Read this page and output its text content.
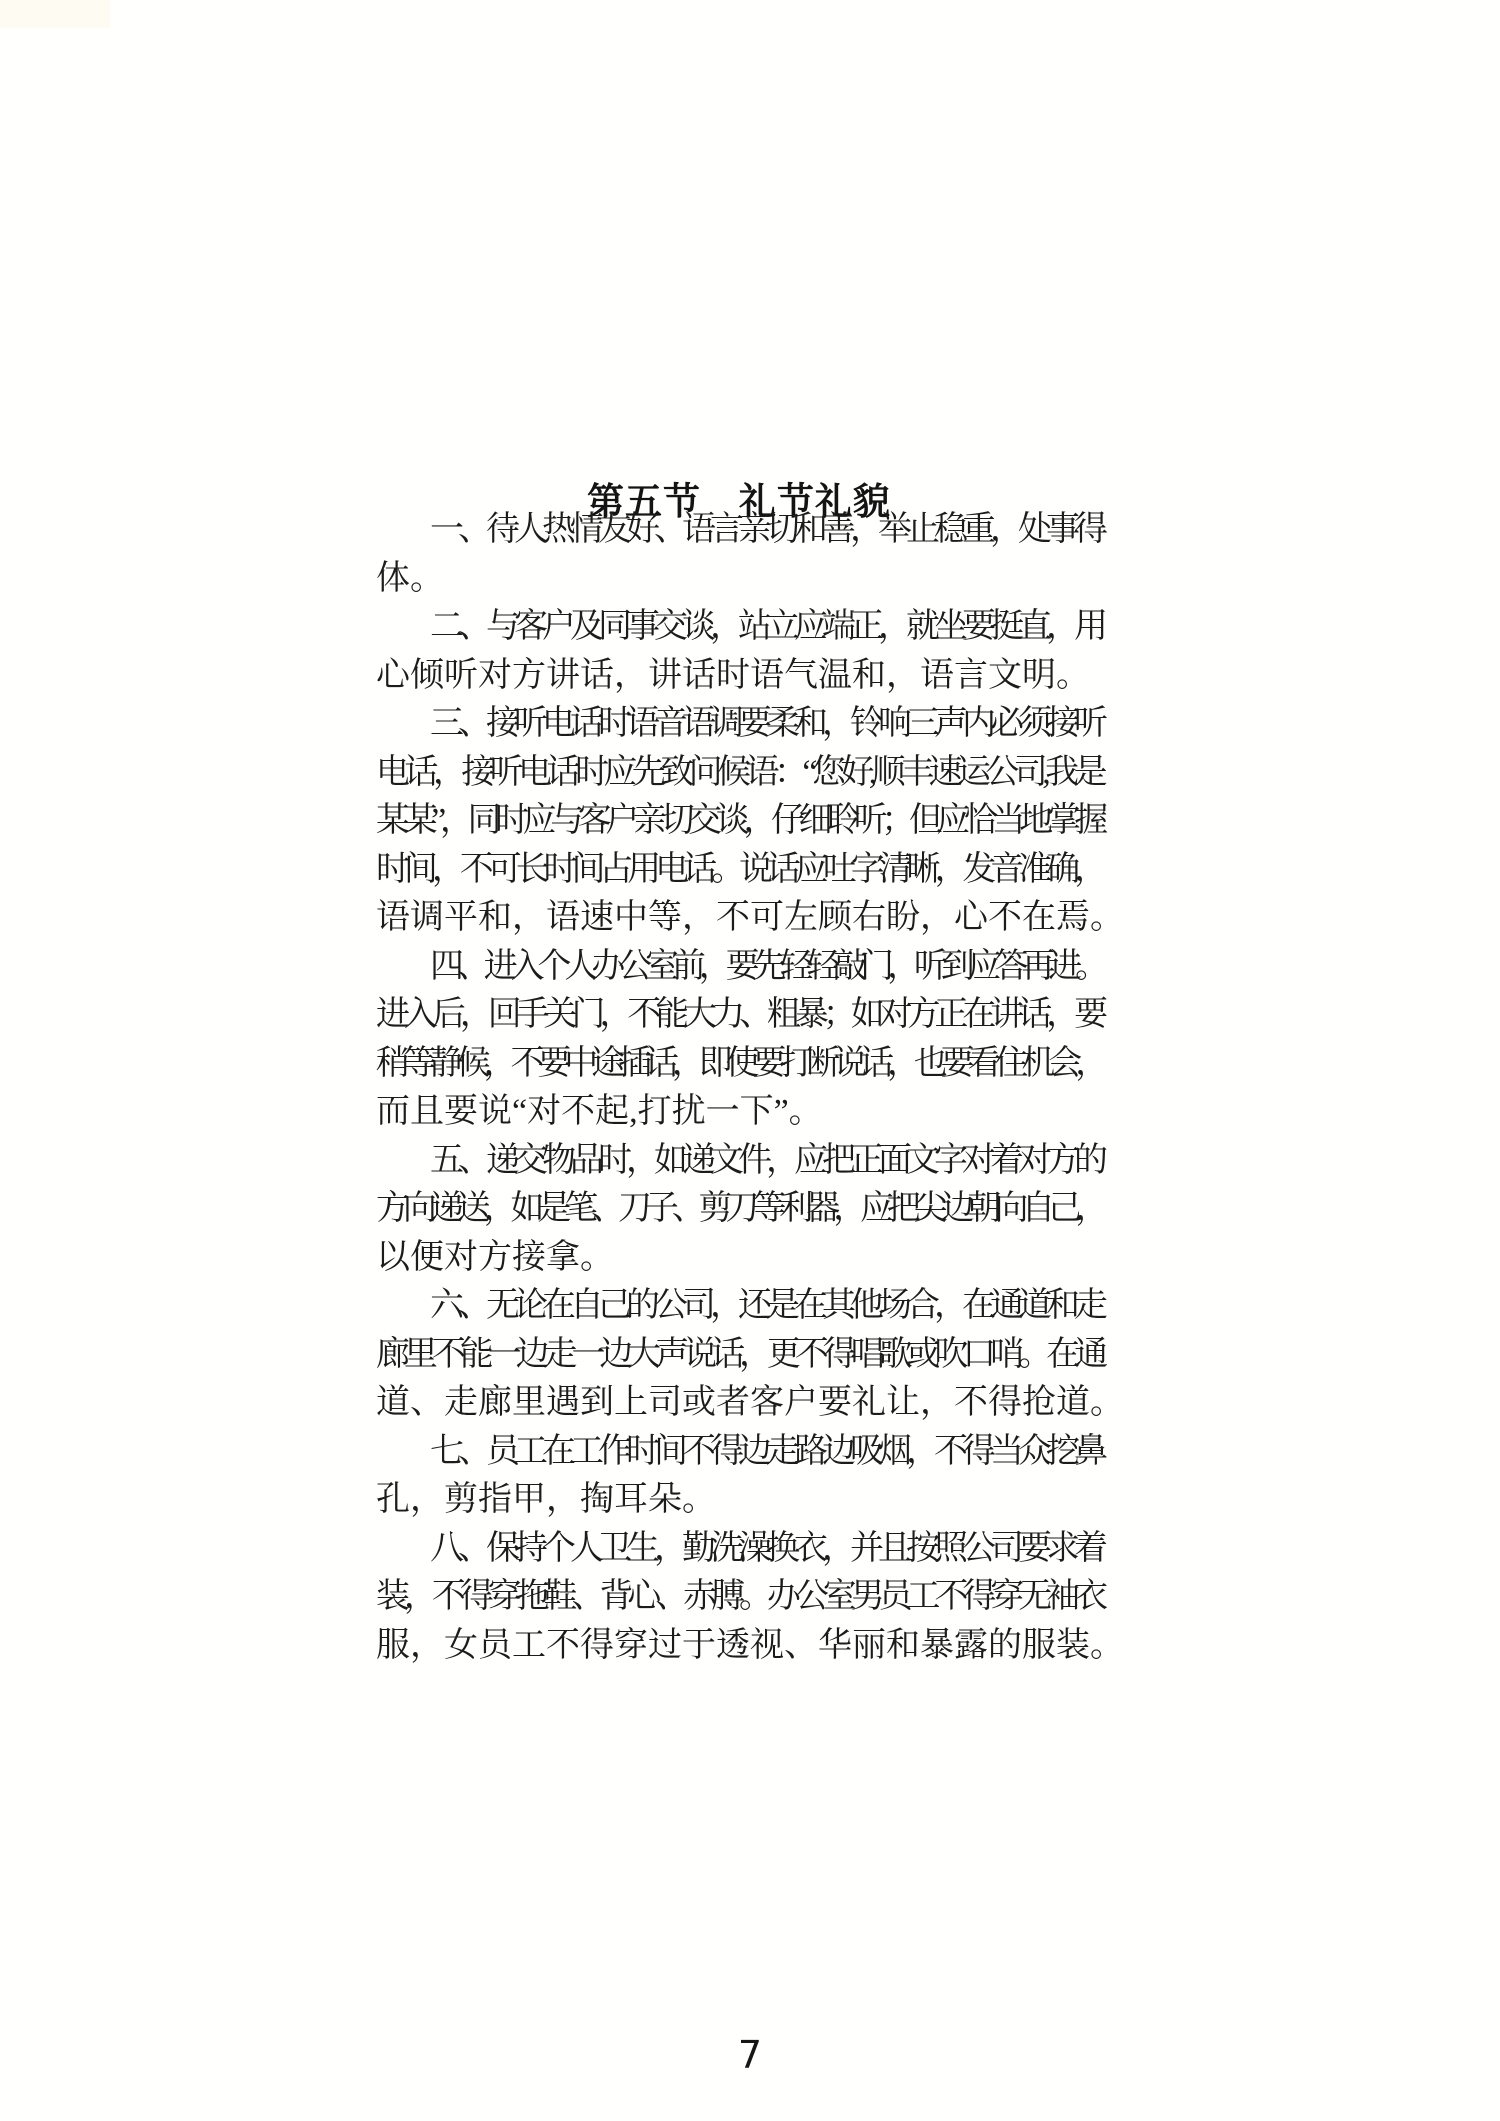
第五节　礼节礼貌
一、待人热情友好、语言亲切和善，举止稳重，处事得
体。
二、与客户及同事交谈，站立应端正，就坐要挺直，用
心倾听对方讲话，讲话时语气温和，语言文明。
三、接听电话时语音语调要柔和，铃响三声内必须接听
电话，接听电话时应先致问候语：“您好,顺丰速运公司,我是
某某”，同时应与客户亲切交谈，仔细聆听；但应恰当地掌握
时间，不可长时间占用电话。说话应吐字清晰，发音准确，
语调平和，语速中等，不可左顾右盼，心不在焉。
四、进入个人办公室前，要先轻轻敲门，听到应答再进。
进入后，回手关门，不能大力、粗暴；如对方正在讲话，要
稍等静候，不要中途插话，即使要打断说话，也要看住机会，
而且要说“对不起,打扰一下”。
五、递交物品时，如递文件，应把正面文字对着对方的
方向递送，如是笔、刀子、剪刀等利器，应把尖边朝向自己，
以便对方接拿。
六、无论在自己的公司，还是在其他场合，在通道和走
廊里不能一边走一边大声说话，更不得唱歌或吹口哨。在通
道、走廊里遇到上司或者客户要礼让，不得抢道。
七、员工在工作时间不得边走路边吸烟，不得当众挖鼻
孔，剪指甲，掏耳朵。
八、保持个人卫生，勤洗澡换衣，并且按照公司要求着
装，不得穿拖鞋、背心、赤膊。办公室男员工不得穿无袖衣
服，女员工不得穿过于透视、华丽和暴露的服装。
7
